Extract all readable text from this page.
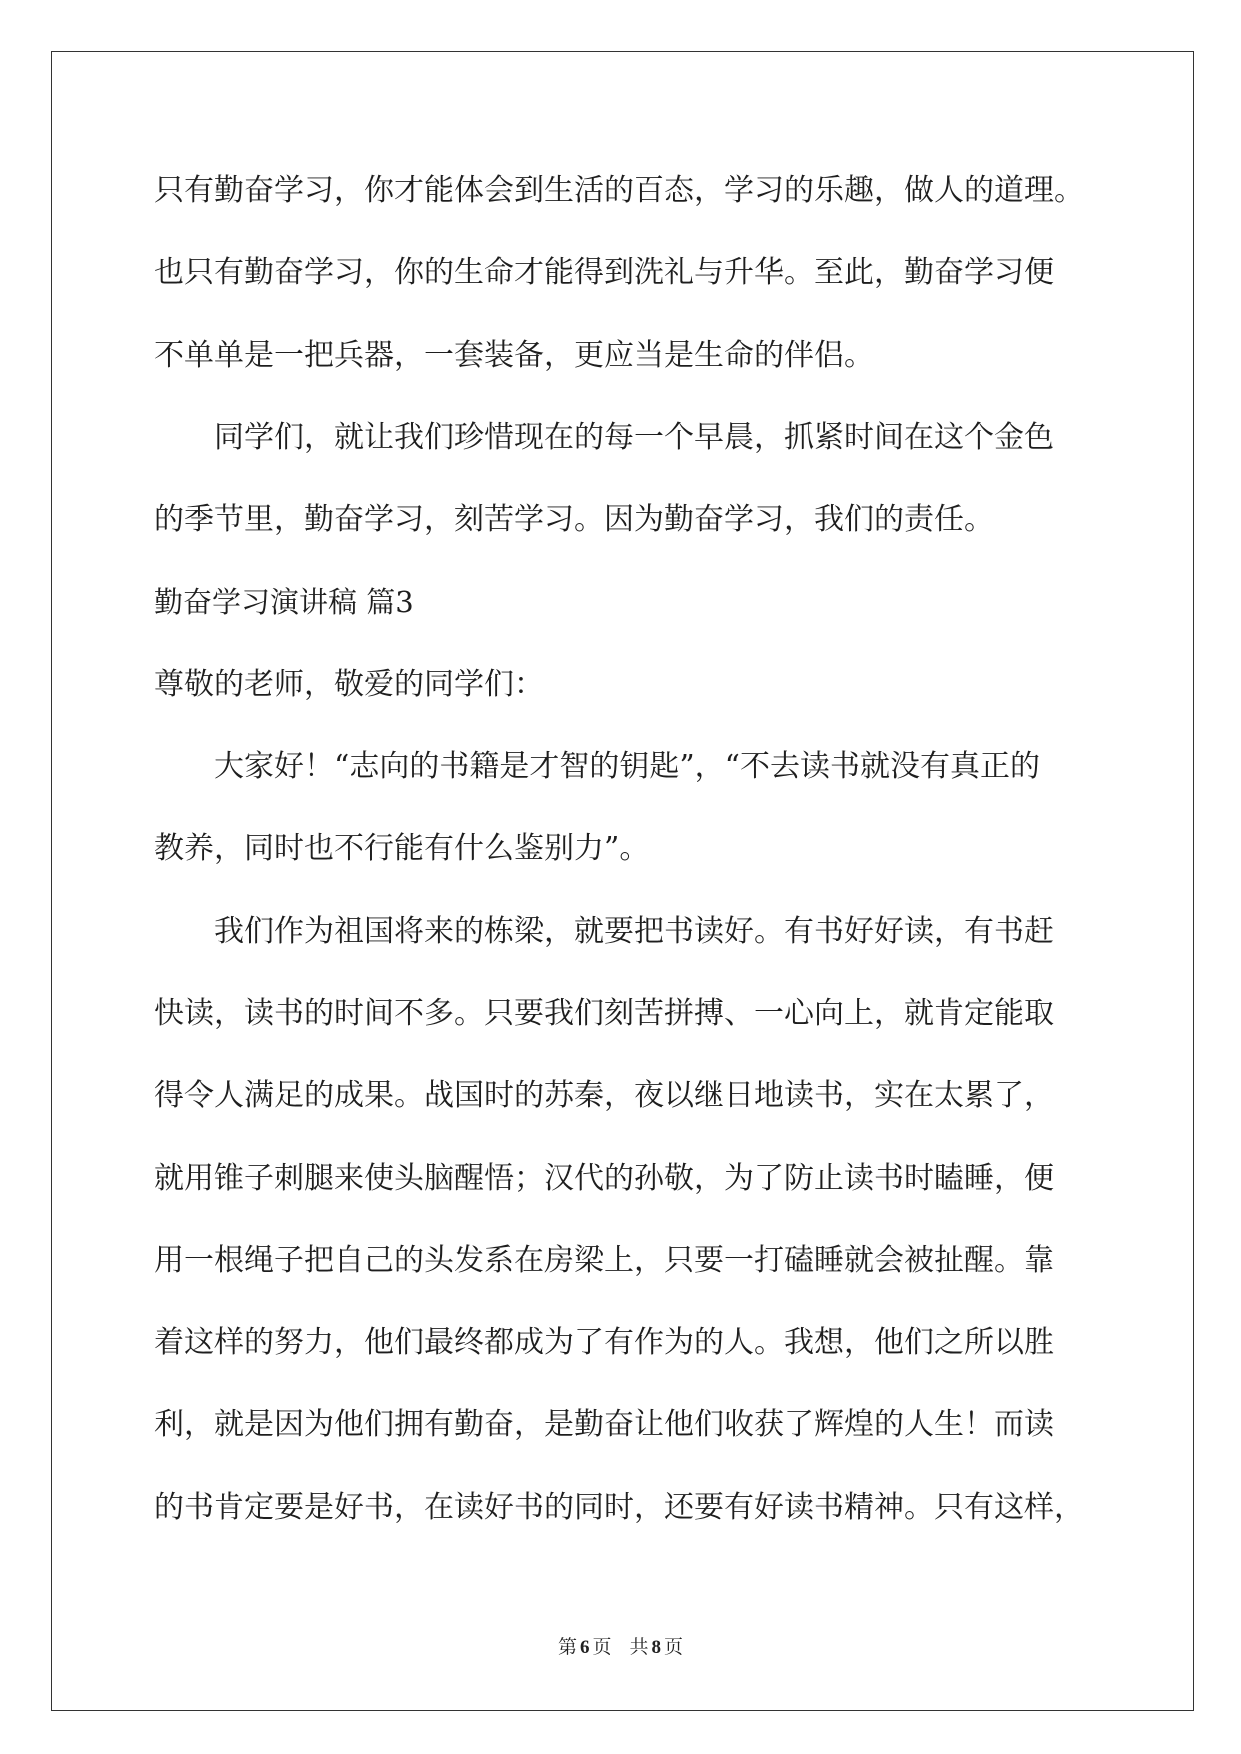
只有勤奋学习，你才能体会到生活的百态，学习的乐趣，做人的道理。
也只有勤奋学习，你的生命才能得到洗礼与升华。至此，勤奋学习便
不单单是一把兵器，一套装备，更应当是生命的伴侣。
同学们，就让我们珍惜现在的每一个早晨，抓紧时间在这个金色
的季节里，勤奋学习，刻苦学习。因为勤奋学习，我们的责任。
勤奋学习演讲稿 篇3
尊敬的老师，敬爱的同学们：
大家好！“志向的书籍是才智的钥匙”，“不去读书就没有真正的
教养，同时也不行能有什么鉴别力”。
我们作为祖国将来的栋梁，就要把书读好。有书好好读，有书赶
快读，读书的时间不多。只要我们刻苦拼搏、一心向上，就肯定能取
得令人满足的成果。战国时的苏秦，夜以继日地读书，实在太累了，
就用锥子刺腿来使头脑醒悟；汉代的孙敬，为了防止读书时瞌睡，便
用一根绳子把自己的头发系在房梁上，只要一打磕睡就会被扯醒。靠
着这样的努力，他们最终都成为了有作为的人。我想，他们之所以胜
利，就是因为他们拥有勤奋，是勤奋让他们收获了辉煌的人生！而读
的书肯定要是好书，在读好书的同时，还要有好读书精神。只有这样，
第 6 页 共 8 页
